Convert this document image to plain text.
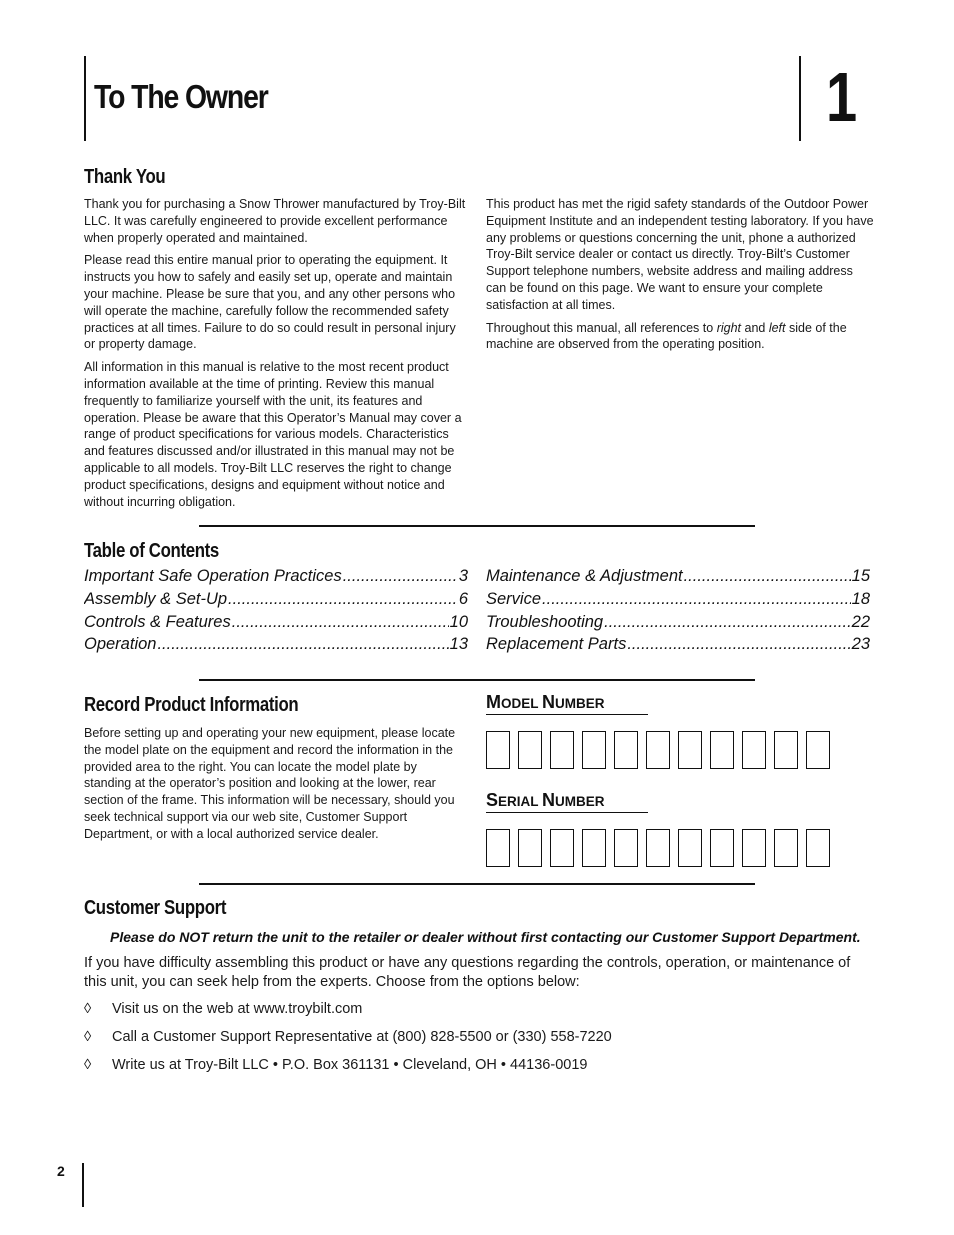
To The Owner	1
Thank You

Thank you for purchasing a Snow Thrower manufactured by Troy-Bilt LLC. It was carefully engineered to provide excellent performance when properly operated and maintained.

Please read this entire manual prior to operating the equipment. It instructs you how to safely and easily set up, operate and maintain your machine. Please be sure that you, and any other persons who will operate the machine, carefully follow the recommended safety practices at all times. Failure to do so could result in personal injury or property damage.

All information in this manual is relative to the most recent product information available at the time of printing. Review this manual frequently to familiarize yourself with the unit, its features and operation. Please be aware that this Operator’s Manual may cover a range of product specifications for various models. Characteristics and features discussed and/or illustrated in this manual may not be applicable to all models. Troy-Bilt LLC reserves the right to change product specifications, designs and equipment without notice and without incurring obligation.

This product has met the rigid safety standards of the Outdoor Power Equipment Institute and an independent testing laboratory. If you have any problems or questions concerning the unit, phone a authorized Troy-Bilt service dealer or contact us directly. Troy-Bilt’s Customer Support telephone numbers, website address and mailing address can be found on this page. We want to ensure your complete satisfaction at all times.

Throughout this manual, all references to right and left side of the machine are observed from the operating position.

Table of Contents
Important Safe Operation Practices .....	3
Assembly & Set-Up .....	6
Controls & Features .....	10
Operation .....	13
Maintenance & Adjustment .....	15
Service .....	18
Troubleshooting .....	22
Replacement Parts .....	23
Record Product Information

Before setting up and operating your new equipment, please locate the model plate on the equipment and record the information in the provided area to the right. You can locate the model plate by standing at the operator’s position and looking at the lower, rear section of the frame. This information will be necessary, should you seek technical support via our web site, Customer Support Department, or with a local authorized service dealer.

MODEL NUMBER
SERIAL NUMBER
Customer Support
Please do NOT return the unit to the retailer or dealer without first contacting our Customer Support Department.
If you have difficulty assembling this product or have any questions regarding the controls, operation, or maintenance of this unit, you can seek help from the experts. Choose from the options below:
◊ Visit us on the web at www.troybilt.com
◊ Call a Customer Support Representative at (800) 828-5500 or (330) 558-7220
◊ Write us at Troy-Bilt LLC • P.O. Box 361131 • Cleveland, OH • 44136-0019
2
